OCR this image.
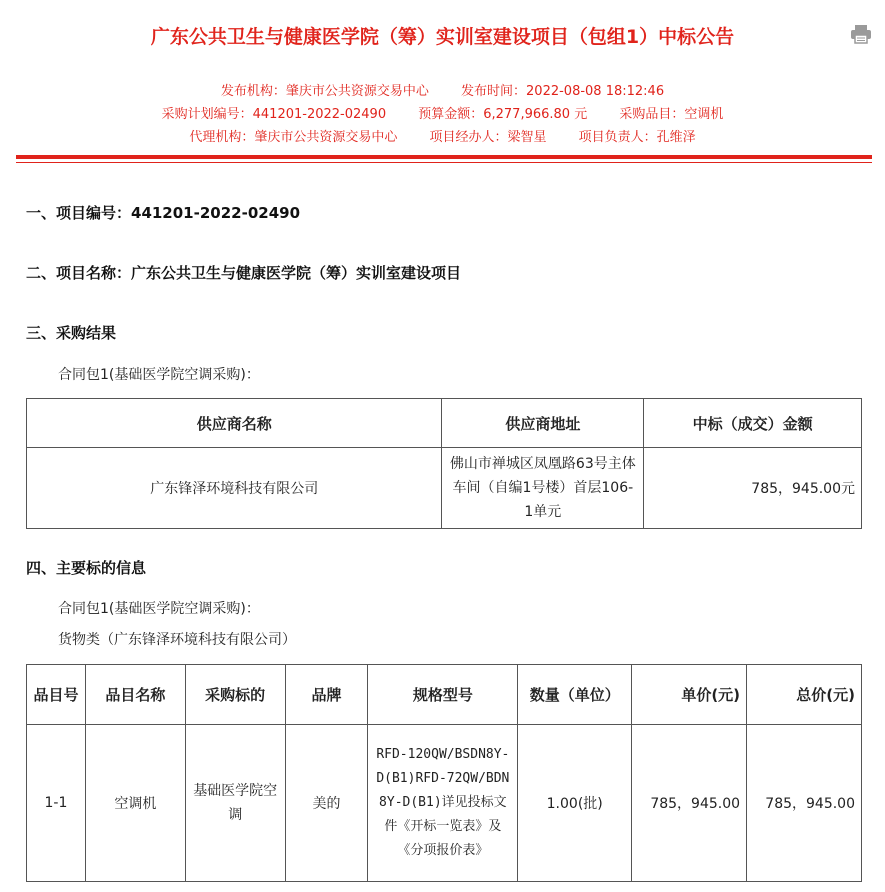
广东公共卫生与健康医学院（筹）实训室建设项目（包组1）中标公告
发布机构：肇庆市公共资源交易中心 发布时间：2022-08-08 18:12:46
采购计划编号：441201-2022-02490 预算金额：6,277,966.80 元 采购品目：空调机
代理机构：肇庆市公共资源交易中心 项目经办人：梁智星 项目负责人：孔维泽
一、项目编号：441201-2022-02490
二、项目名称：广东公共卫生与健康医学院（筹）实训室建设项目
三、采购结果
合同包1(基础医学院空调采购)：
供应商名称	供应商地址	中标（成交）金额
广东锋泽环境科技有限公司	佛山市禅城区凤凰路63号主体车间（自编1号楼）首层106-1单元	785，945.00元
四、主要标的信息
合同包1(基础医学院空调采购)：
货物类（广东锋泽环境科技有限公司）
品目号	品目名称	采购标的	品牌	规格型号	数量（单位）	单价(元)	总价(元)
1-1	空调机	基础医学院空调	美的	RFD-120QW/BSDN8Y-D(B1)RFD-72QW/BDN8Y-D(B1)详见投标文件《开标一览表》及《分项报价表》	1.00(批)	785，945.00	785，945.00
